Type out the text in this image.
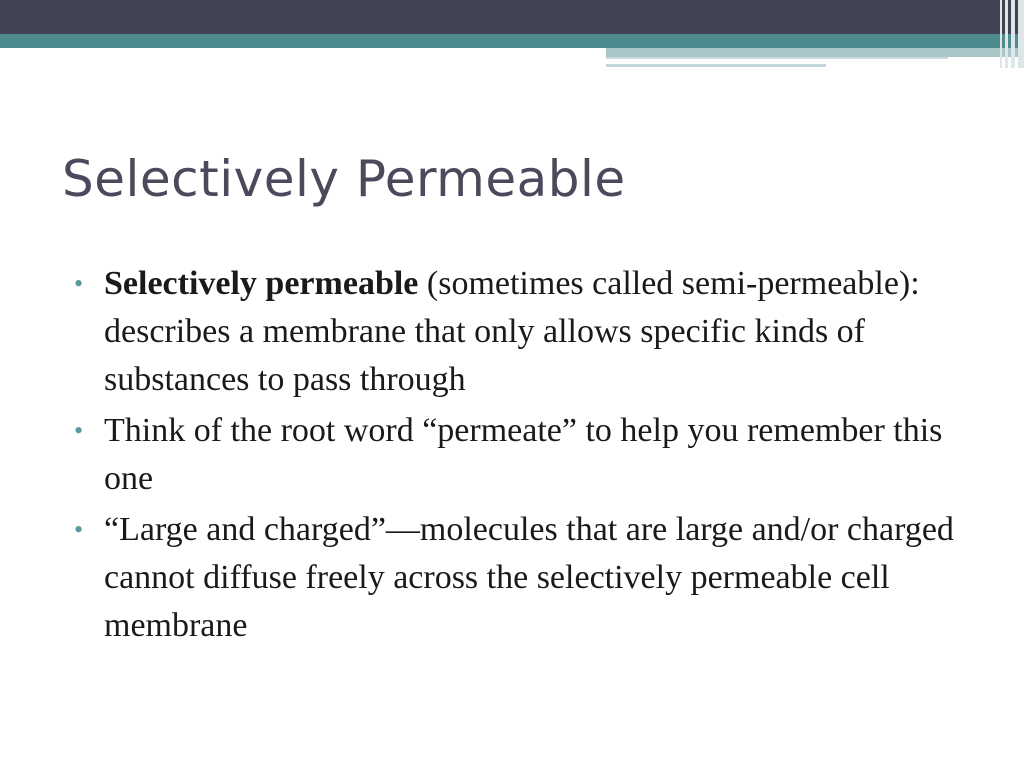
Selectively Permeable
• Selectively permeable (sometimes called semi-permeable): describes a membrane that only allows specific kinds of substances to pass through
• Think of the root word “permeate” to help you remember this one
• “Large and charged”—molecules that are large and/or charged cannot diffuse freely across the selectively permeable cell membrane
